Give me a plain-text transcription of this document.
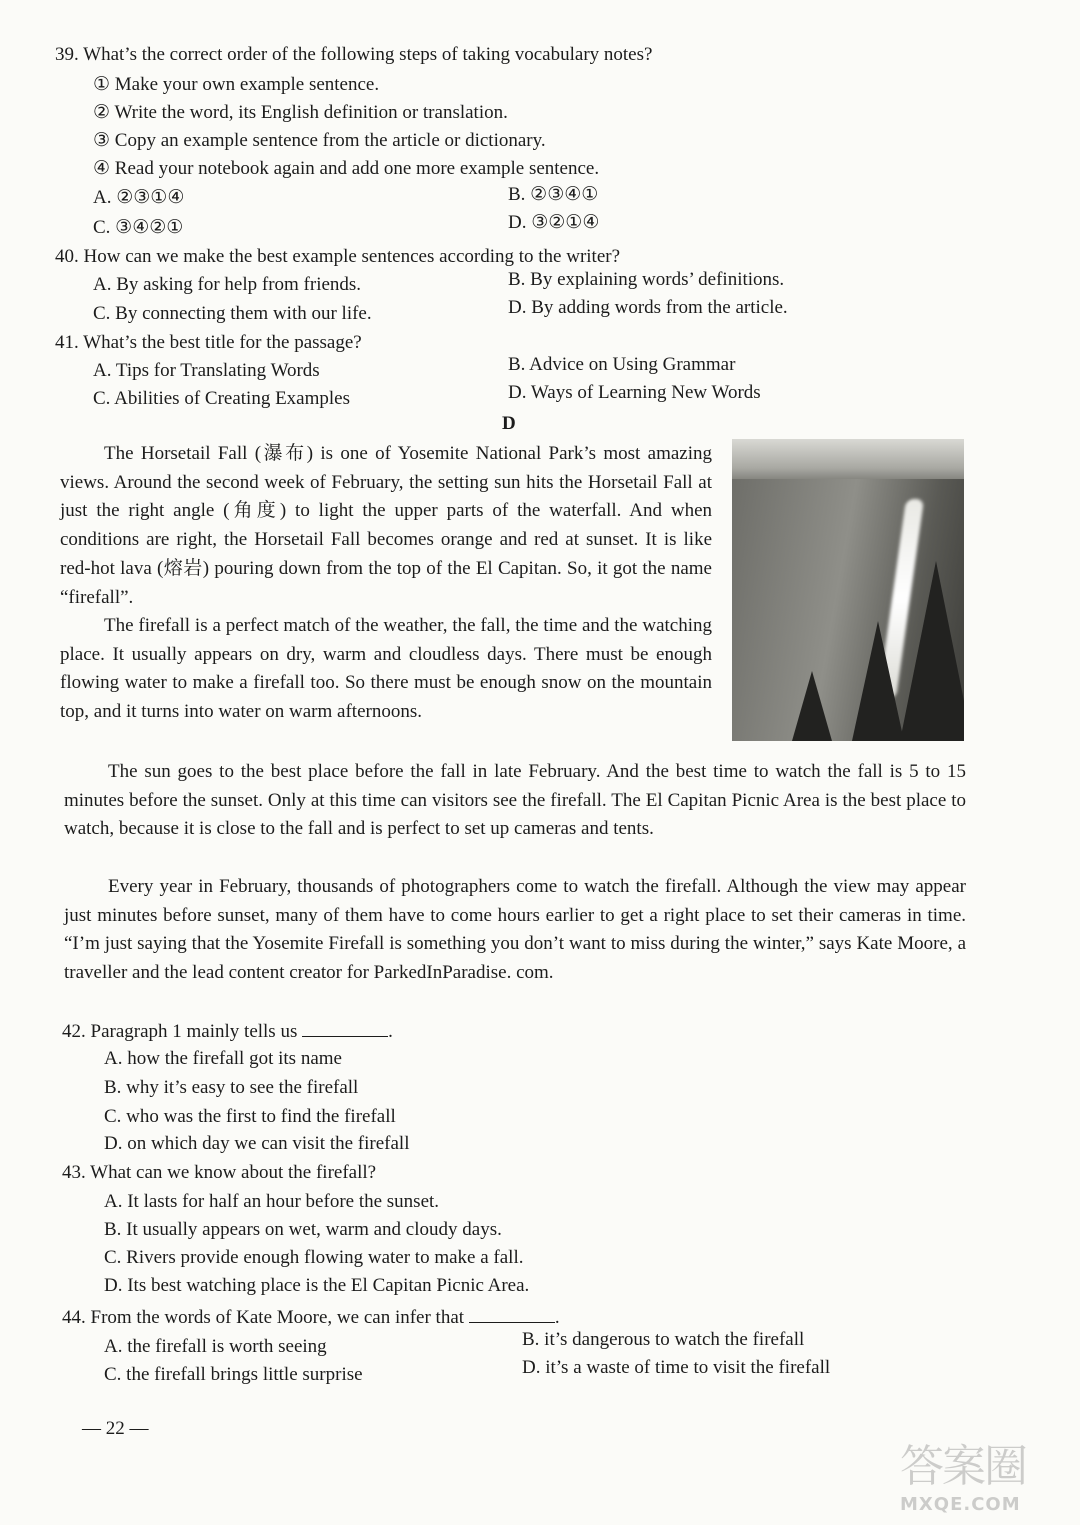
39. What’s the correct order of the following steps of taking vocabulary notes?
① Make your own example sentence.
② Write the word, its English definition or translation.
③ Copy an example sentence from the article or dictionary.
④ Read your notebook again and add one more example sentence.
A. ②③①④	B. ②③④①
C. ③④②①	D. ③②①④
40. How can we make the best example sentences according to the writer?
A. By asking for help from friends.	B. By explaining words’ definitions.
C. By connecting them with our life.	D. By adding words from the article.
41. What’s the best title for the passage?
A. Tips for Translating Words	B. Advice on Using Grammar
C. Abilities of Creating Examples	D. Ways of Learning New Words
D
The Horsetail Fall (瀑布) is one of Yosemite National Park’s most amazing views. Around the second week of February, the setting sun hits the Horsetail Fall at just the right angle (角度) to light the upper parts of the waterfall. And when conditions are right, the Horsetail Fall becomes orange and red at sunset. It is like red-hot lava (熔岩) pouring down from the top of the El Capitan. So, it got the name “firefall”.
The firefall is a perfect match of the weather, the fall, the time and the watching place. It usually appears on dry, warm and cloudless days. There must be enough flowing water to make a firefall too. So there must be enough snow on the mountain top, and it turns into water on warm afternoons.
The sun goes to the best place before the fall in late February. And the best time to watch the fall is 5 to 15 minutes before the sunset. Only at this time can visitors see the firefall. The El Capitan Picnic Area is the best place to watch, because it is close to the fall and is perfect to set up cameras and tents.
Every year in February, thousands of photographers come to watch the firefall. Although the view may appear just minutes before sunset, many of them have to come hours earlier to get a right place to set their cameras in time. “I’m just saying that the Yosemite Firefall is something you don’t want to miss during the winter,” says Kate Moore, a traveller and the lead content creator for ParkedInParadise. com.
42. Paragraph 1 mainly tells us	.
A. how the firefall got its name
B. why it’s easy to see the firefall
C. who was the first to find the firefall
D. on which day we can visit the firefall
43. What can we know about the firefall?
A. It lasts for half an hour before the sunset.
B. It usually appears on wet, warm and cloudy days.
C. Rivers provide enough flowing water to make a fall.
D. Its best watching place is the El Capitan Picnic Area.
44. From the words of Kate Moore, we can infer that	.
A. the firefall is worth seeing	B. it’s dangerous to watch the firefall
C. the firefall brings little surprise	D. it’s a waste of time to visit the firefall
— 22 —
答案圈
MXQE.COM
